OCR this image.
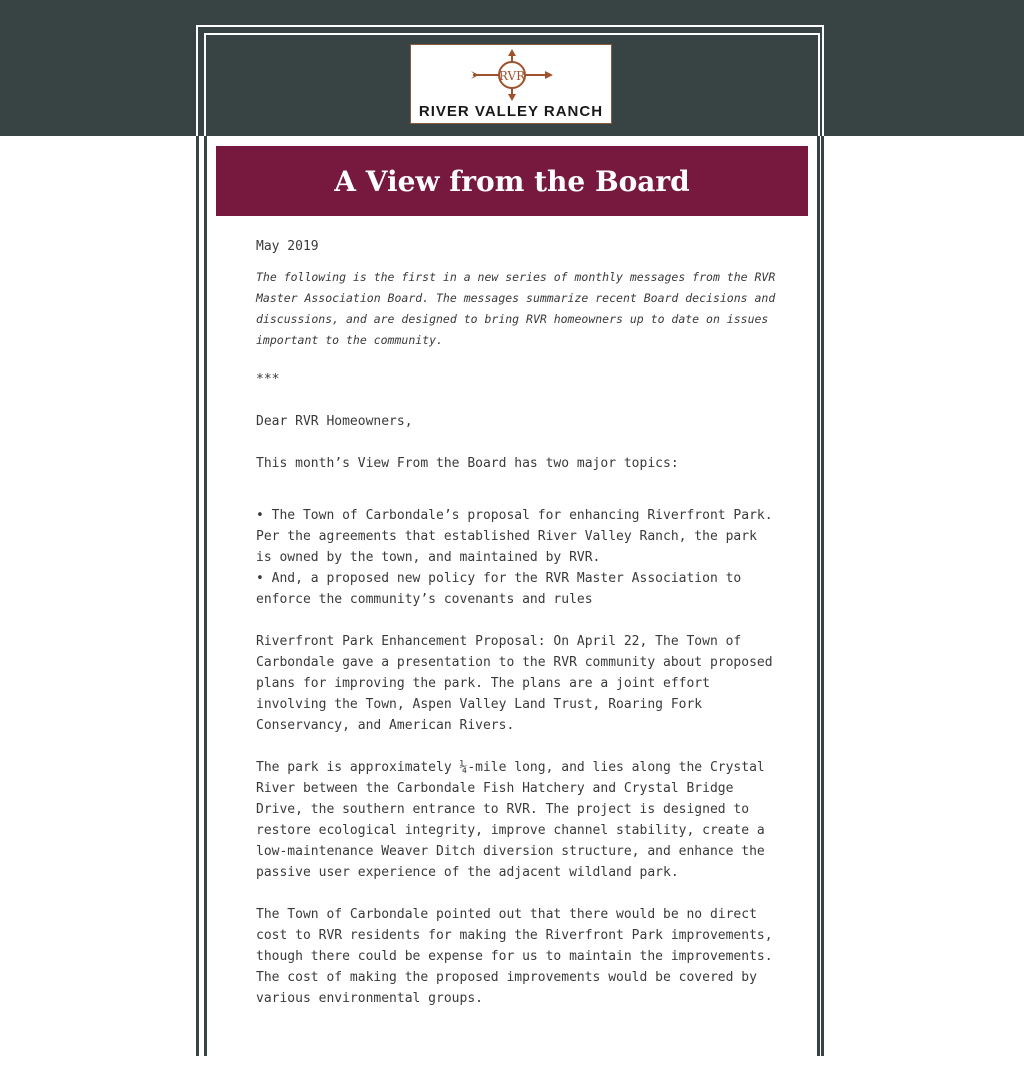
RVR
RIVER VALLEY RANCH
A View from the Board

May 2019

The following is the first in a new series of monthly messages from the RVR Master Association Board. The messages summarize recent Board decisions and discussions, and are designed to bring RVR homeowners up to date on issues important to the community.

***

Dear RVR Homeowners,

This month’s View From the Board has two major topics:

• The Town of Carbondale’s proposal for enhancing Riverfront Park. Per the agreements that established River Valley Ranch, the park is owned by the town, and maintained by RVR.

• And, a proposed new policy for the RVR Master Association to enforce the community’s covenants and rules

Riverfront Park Enhancement Proposal: On April 22, The Town of Carbondale gave a presentation to the RVR community about proposed plans for improving the park. The plans are a joint effort involving the Town, Aspen Valley Land Trust, Roaring Fork Conservancy, and American Rivers.

The park is approximately ¼-mile long, and lies along the Crystal River between the Carbondale Fish Hatchery and Crystal Bridge Drive, the southern entrance to RVR. The project is designed to restore ecological integrity, improve channel stability, create a low-maintenance Weaver Ditch diversion structure, and enhance the passive user experience of the adjacent wildland park.

The Town of Carbondale pointed out that there would be no direct cost to RVR residents for making the Riverfront Park improvements, though there could be expense for us to maintain the improvements. The cost of making the proposed improvements would be covered by various environmental groups.
